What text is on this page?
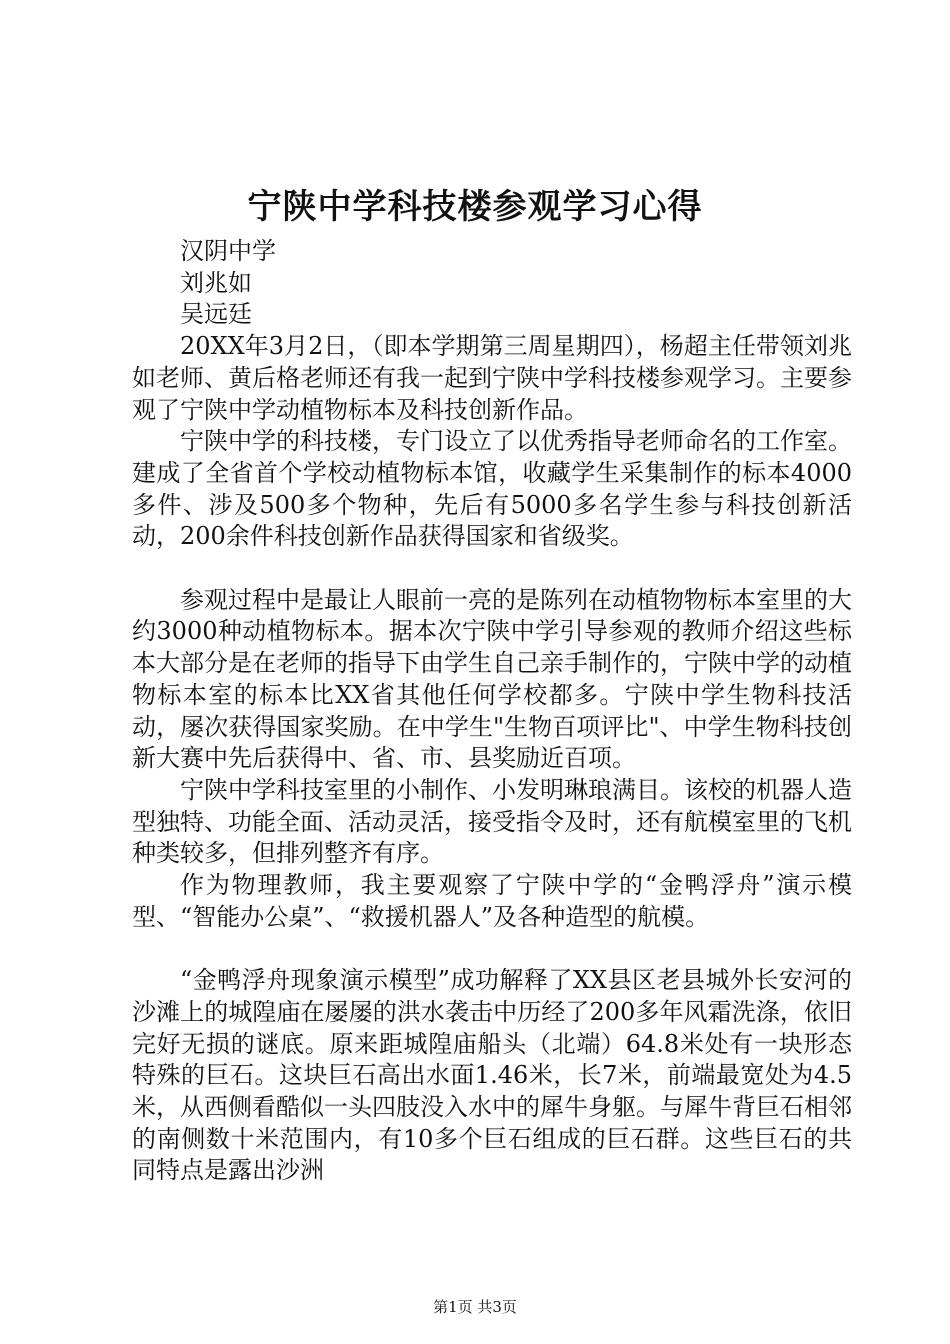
宁陕中学科技楼参观学习心得

汉阴中学

刘兆如

吴远廷

20XX年3月2日，（即本学期第三周星期四），杨超主任带领刘兆如老师、黄后格老师还有我一起到宁陕中学科技楼参观学习。主要参观了宁陕中学动植物标本及科技创新作品。

宁陕中学的科技楼，专门设立了以优秀指导老师命名的工作室。建成了全省首个学校动植物标本馆，收藏学生采集制作的标本4000多件、涉及500多个物种，先后有5000多名学生参与科技创新活动，200余件科技创新作品获得国家和省级奖。

参观过程中是最让人眼前一亮的是陈列在动植物物标本室里的大约3000种动植物标本。据本次宁陕中学引导参观的教师介绍这些标本大部分是在老师的指导下由学生自己亲手制作的，宁陕中学的动植物标本室的标本比XX省其他任何学校都多。宁陕中学生物科技活动，屡次获得国家奖励。在中学生"生物百项评比"、中学生物科技创新大赛中先后获得中、省、市、县奖励近百项。

宁陕中学科技室里的小制作、小发明琳琅满目。该校的机器人造型独特、功能全面、活动灵活，接受指令及时，还有航模室里的飞机种类较多，但排列整齐有序。

作为物理教师，我主要观察了宁陕中学的“金鸭浮舟”演示模型、“智能办公桌”、“救援机器人”及各种造型的航模。

“金鸭浮舟现象演示模型”成功解释了XX县区老县城外长安河的沙滩上的城隍庙在屡屡的洪水袭击中历经了200多年风霜洗涤，依旧完好无损的谜底。原来距城隍庙船头（北端）64.8米处有一块形态特殊的巨石。这块巨石高出水面1.46米，长7米，前端最宽处为4.5米，从西侧看酷似一头四肢没入水中的犀牛身躯。与犀牛背巨石相邻的南侧数十米范围内，有10多个巨石组成的巨石群。这些巨石的共同特点是露出沙洲

第1页 共3页
